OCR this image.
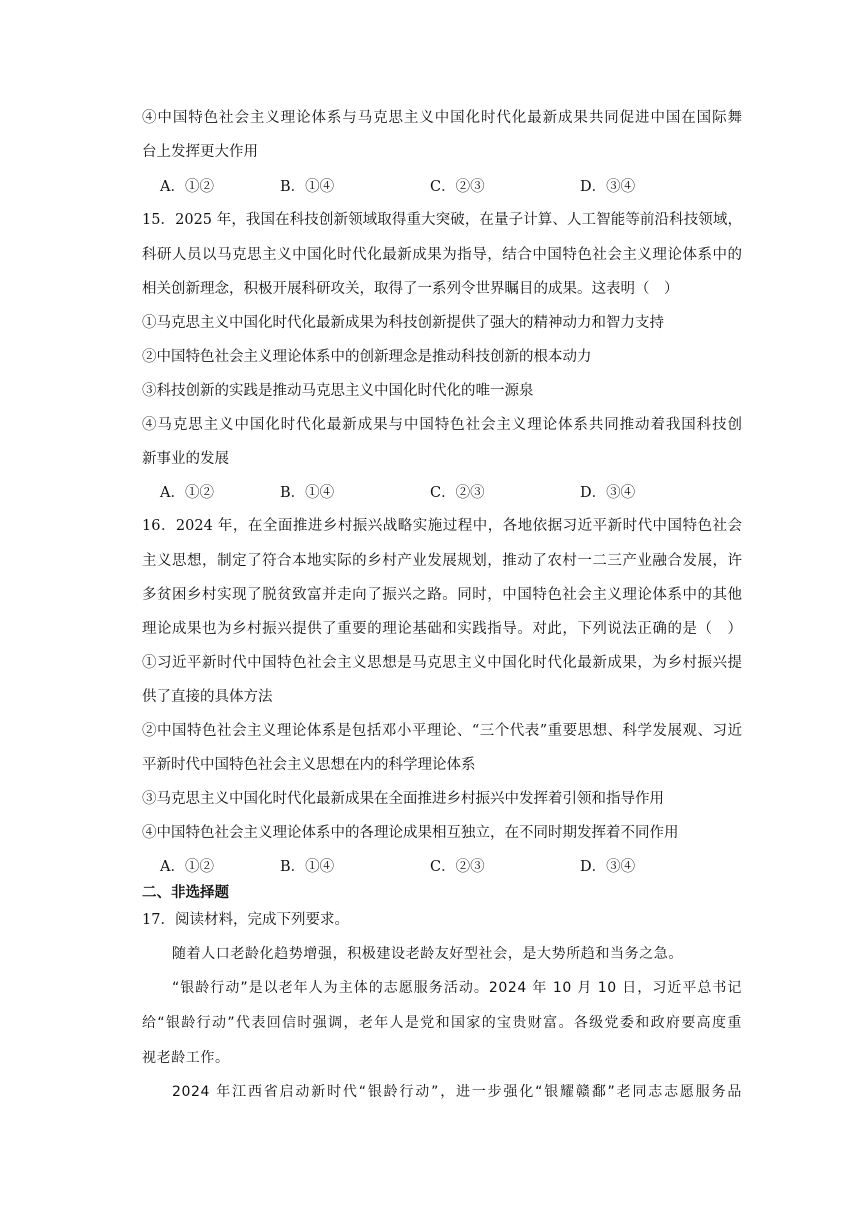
④中国特色社会主义理论体系与马克思主义中国化时代化最新成果共同促进中国在国际舞
台上发挥更大作用
A．①②	B．①④	C．②③	D．③④
15．2025 年，我国在科技创新领域取得重大突破，在量子计算、人工智能等前沿科技领域，
科研人员以马克思主义中国化时代化最新成果为指导，结合中国特色社会主义理论体系中的
相关创新理念，积极开展科研攻关，取得了一系列令世界瞩目的成果。这表明（　）
①马克思主义中国化时代化最新成果为科技创新提供了强大的精神动力和智力支持
②中国特色社会主义理论体系中的创新理念是推动科技创新的根本动力
③科技创新的实践是推动马克思主义中国化时代化的唯一源泉
④马克思主义中国化时代化最新成果与中国特色社会主义理论体系共同推动着我国科技创
新事业的发展
A．①②	B．①④	C．②③	D．③④
16．2024 年，在全面推进乡村振兴战略实施过程中，各地依据习近平新时代中国特色社会
主义思想，制定了符合本地实际的乡村产业发展规划，推动了农村一二三产业融合发展，许
多贫困乡村实现了脱贫致富并走向了振兴之路。同时，中国特色社会主义理论体系中的其他
理论成果也为乡村振兴提供了重要的理论基础和实践指导。对此，下列说法正确的是（　）
①习近平新时代中国特色社会主义思想是马克思主义中国化时代化最新成果，为乡村振兴提
供了直接的具体方法
②中国特色社会主义理论体系是包括邓小平理论、“三个代表”重要思想、科学发展观、习近
平新时代中国特色社会主义思想在内的科学理论体系
③马克思主义中国化时代化最新成果在全面推进乡村振兴中发挥着引领和指导作用
④中国特色社会主义理论体系中的各理论成果相互独立，在不同时期发挥着不同作用
A．①②	B．①④	C．②③	D．③④
二、非选择题
17．阅读材料，完成下列要求。
随着人口老龄化趋势增强，积极建设老龄友好型社会，是大势所趋和当务之急。
“银龄行动”是以老年人为主体的志愿服务活动。2024 年 10 月 10 日，习近平总书记
给“银龄行动”代表回信时强调，老年人是党和国家的宝贵财富。各级党委和政府要高度重
视老龄工作。
2024 年江西省启动新时代“银龄行动”，进一步强化“银耀赣鄱”老同志志愿服务品
